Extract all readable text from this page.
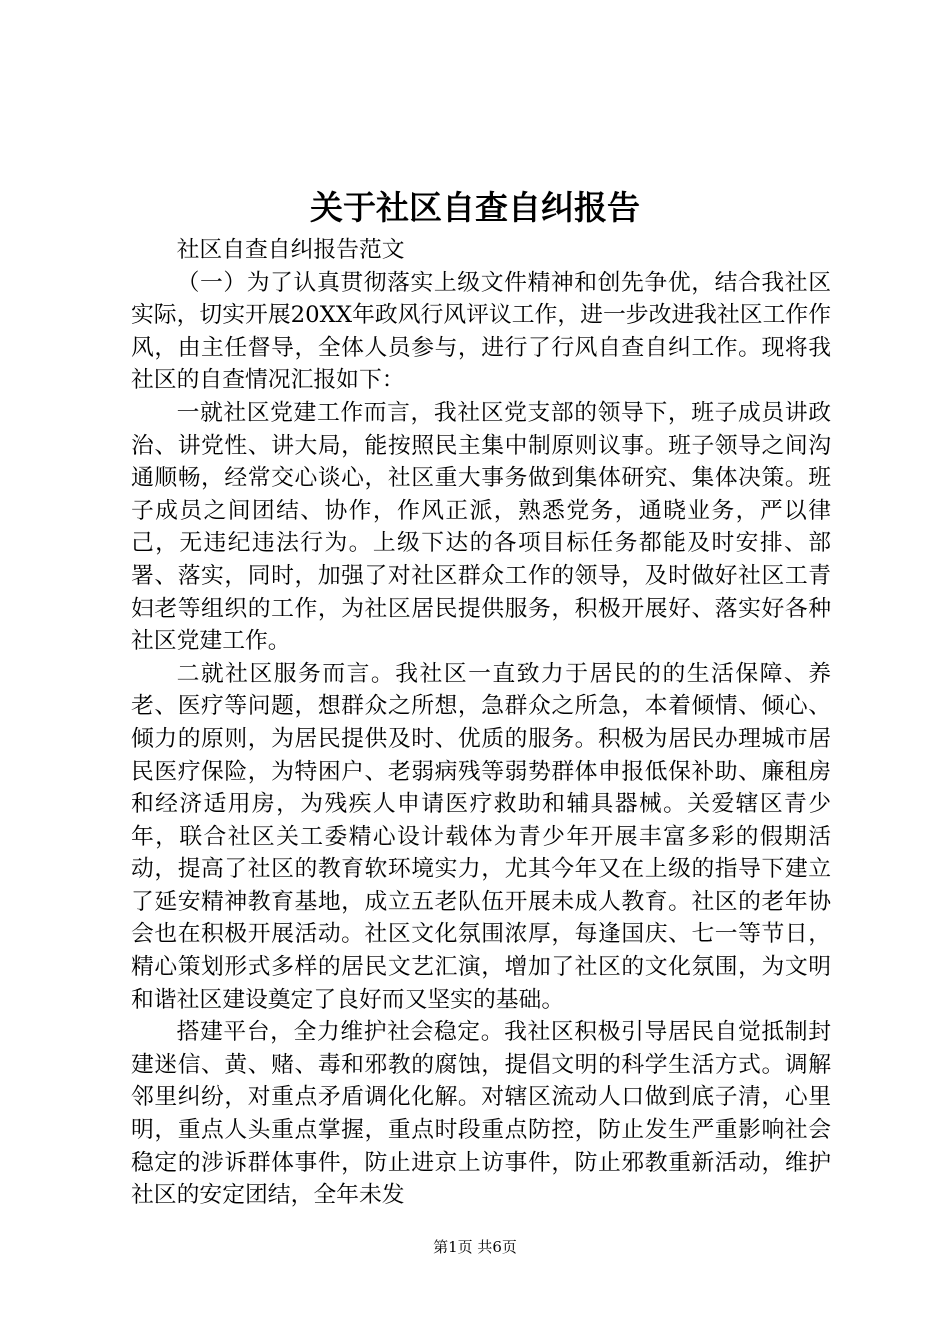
关于社区自查自纠报告

社区自查自纠报告范文

（一）为了认真贯彻落实上级文件精神和创先争优，结合我社区实际，切实开展20XX年政风行风评议工作，进一步改进我社区工作作风，由主任督导，全体人员参与，进行了行风自查自纠工作。现将我社区的自查情况汇报如下：

一就社区党建工作而言，我社区党支部的领导下，班子成员讲政治、讲党性、讲大局，能按照民主集中制原则议事。班子领导之间沟通顺畅，经常交心谈心，社区重大事务做到集体研究、集体决策。班子成员之间团结、协作，作风正派，熟悉党务，通晓业务，严以律己，无违纪违法行为。上级下达的各项目标任务都能及时安排、部署、落实，同时，加强了对社区群众工作的领导，及时做好社区工青妇老等组织的工作，为社区居民提供服务，积极开展好、落实好各种社区党建工作。

二就社区服务而言。我社区一直致力于居民的的生活保障、养老、医疗等问题，想群众之所想，急群众之所急，本着倾情、倾心、倾力的原则，为居民提供及时、优质的服务。积极为居民办理城市居民医疗保险，为特困户、老弱病残等弱势群体申报低保补助、廉租房和经济适用房，为残疾人申请医疗救助和辅具器械。关爱辖区青少年，联合社区关工委精心设计载体为青少年开展丰富多彩的假期活动，提高了社区的教育软环境实力，尤其今年又在上级的指导下建立了延安精神教育基地，成立五老队伍开展未成人教育。社区的老年协会也在积极开展活动。社区文化氛围浓厚，每逢国庆、七一等节日，精心策划形式多样的居民文艺汇演，增加了社区的文化氛围，为文明和谐社区建设奠定了良好而又坚实的基础。

搭建平台，全力维护社会稳定。我社区积极引导居民自觉抵制封建迷信、黄、赌、毒和邪教的腐蚀，提倡文明的科学生活方式。调解邻里纠纷，对重点矛盾调化化解。对辖区流动人口做到底子清，心里明，重点人头重点掌握，重点时段重点防控，防止发生严重影响社会稳定的涉诉群体事件，防止进京上访事件，防止邪教重新活动，维护社区的安定团结，全年未发

第1页 共6页
